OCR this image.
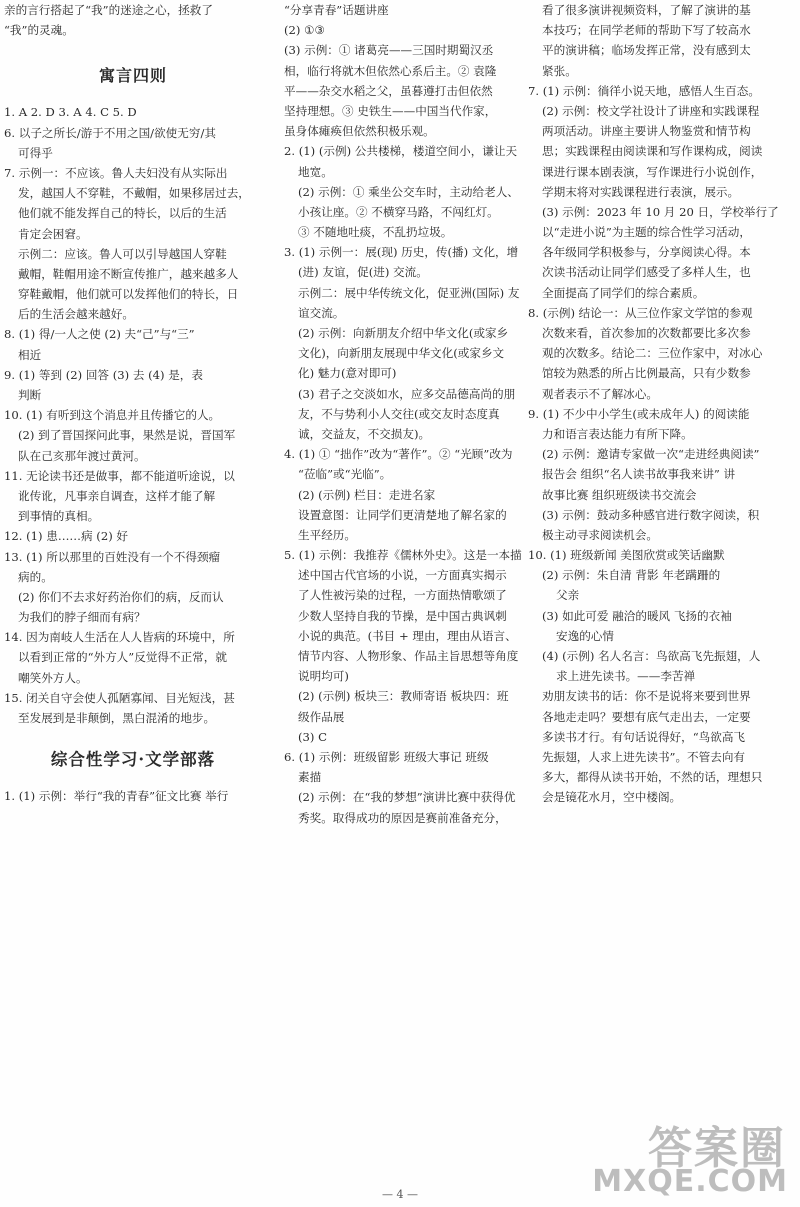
亲的言行搭起了“我”的迷途之心，拯救了
“我”的灵魂。
寓言四则
1. A 2. D 3. A 4. C 5. D
6. 以子之所长/游于不用之国/欲使无穷/其
可得乎
7. 示例一：不应该。鲁人夫妇没有从实际出
发，越国人不穿鞋，不戴帽，如果移居过去，
他们就不能发挥自己的特长，以后的生活
肯定会困窘。
示例二：应该。鲁人可以引导越国人穿鞋
戴帽，鞋帽用途不断宣传推广，越来越多人
穿鞋戴帽，他们就可以发挥他们的特长，日
后的生活会越来越好。
8. (1) 得/一人之使 (2) 夫“己”与“三”
相近
9. (1) 等到 (2) 回答 (3) 去 (4) 是，表
判断
10. (1) 有听到这个消息并且传播它的人。
(2) 到了晋国探问此事，果然是说，晋国军
队在己亥那年渡过黄河。
11. 无论读书还是做事，都不能道听途说，以
讹传讹，凡事亲自调查，这样才能了解
到事情的真相。
12. (1) 患……病 (2) 好
13. (1) 所以那里的百姓没有一个不得颈瘤
病的。
(2) 你们不去求好药治你们的病，反而认
为我们的脖子细而有病？
14. 因为南岐人生活在人人皆病的环境中，所
以看到正常的“外方人”反觉得不正常，就
嘲笑外方人。
15. 闭关自守会使人孤陋寡闻、目光短浅，甚
至发展到是非颠倒，黑白混淆的地步。
综合性学习·文学部落
1. (1) 示例：举行“我的青春”征文比赛 举行
“分享青春”话题讲座
(2) ①③
(3) 示例：① 诸葛亮——三国时期蜀汉丞
相，临行将就木但依然心系后主。② 袁隆
平——杂交水稻之父，虽暮遵打击但依然
坚持理想。③ 史铁生——中国当代作家，
虽身体瘫痪但依然积极乐观。
2. (1) (示例) 公共楼梯，楼道空间小，谦让天
地宽。
(2) 示例：① 乘坐公交车时，主动给老人、
小孩让座。② 不横穿马路，不闯红灯。
③ 不随地吐痰，不乱扔垃圾。
3. (1) 示例一：展(现) 历史，传(播) 文化，增
(进) 友谊，促(进) 交流。
示例二：展中华传统文化，促亚洲(国际) 友
谊交流。
(2) 示例：向新朋友介绍中华文化(或家乡
文化)，向新朋友展现中华文化(或家乡文
化) 魅力(意对即可)
(3) 君子之交淡如水，应多交品德高尚的朋
友，不与势利小人交往(或交友时态度真
诚，交益友，不交损友)。
4. (1) ① “拙作”改为“著作”。② “光顾”改为
“莅临”或“光临”。
(2) (示例) 栏目：走进名家
设置意图：让同学们更清楚地了解名家的
生平经历。
5. (1) 示例：我推荐《儒林外史》。这是一本描
述中国古代官场的小说，一方面真实揭示
了人性被污染的过程，一方面热情歌颂了
少数人坚持自我的节操，是中国古典讽刺
小说的典范。(书目 + 理由，理由从语言、
情节内容、人物形象、作品主旨思想等角度
说明均可)
(2) (示例) 板块三：教师寄语 板块四：班
级作品展
(3) C
6. (1) 示例：班级留影 班级大事记 班级
素描
(2) 示例：在“我的梦想”演讲比赛中获得优
秀奖。取得成功的原因是赛前准备充分，
看了很多演讲视频资料，了解了演讲的基
本技巧；在同学老师的帮助下写了较高水
平的演讲稿；临场发挥正常，没有感到太
紧张。
7. (1) 示例：徜徉小说天地，感悟人生百态。
(2) 示例：校文学社设计了讲座和实践课程
两项活动。讲座主要讲人物鉴赏和情节构
思；实践课程由阅读课和写作课构成，阅读
课进行课本剧表演，写作课进行小说创作，
学期末将对实践课程进行表演，展示。
(3) 示例：2023 年 10 月 20 日，学校举行了
以“走进小说”为主题的综合性学习活动，
各年级同学积极参与，分享阅读心得。本
次读书活动让同学们感受了多样人生，也
全面提高了同学们的综合素质。
8. (示例) 结论一：从三位作家文学馆的参观
次数来看，首次参加的次数都要比多次参
观的次数多。结论二：三位作家中，对冰心
馆较为熟悉的所占比例最高，只有少数参
观者表示不了解冰心。
9. (1) 不少中小学生(或未成年人) 的阅读能
力和语言表达能力有所下降。
(2) 示例：邀请专家做一次“走进经典阅读”
报告会 组织“名人读书故事我来讲” 讲
故事比赛 组织班级读书交流会
(3) 示例：鼓动多种感官进行数字阅读，积
极主动寻求阅读机会。
10. (1) 班级新闻 美图欣赏或笑话幽默
(2) 示例：朱自清 背影 年老蹒跚的
父亲
(3) 如此可爱 融洽的暖风 飞扬的衣袖
安逸的心情
(4) (示例) 名人名言：鸟欲高飞先振翅，人
求上进先读书。——李苦禅
劝朋友读书的话：你不是说将来要到世界
各地走走吗？要想有底气走出去，一定要
多读书才行。有句话说得好，“鸟欲高飞
先振翅，人求上进先读书”。不管去向有
多大，都得从读书开始，不然的话，理想只
会是镜花水月，空中楼阁。
— 4 —
答案圈
MXQE.COM
